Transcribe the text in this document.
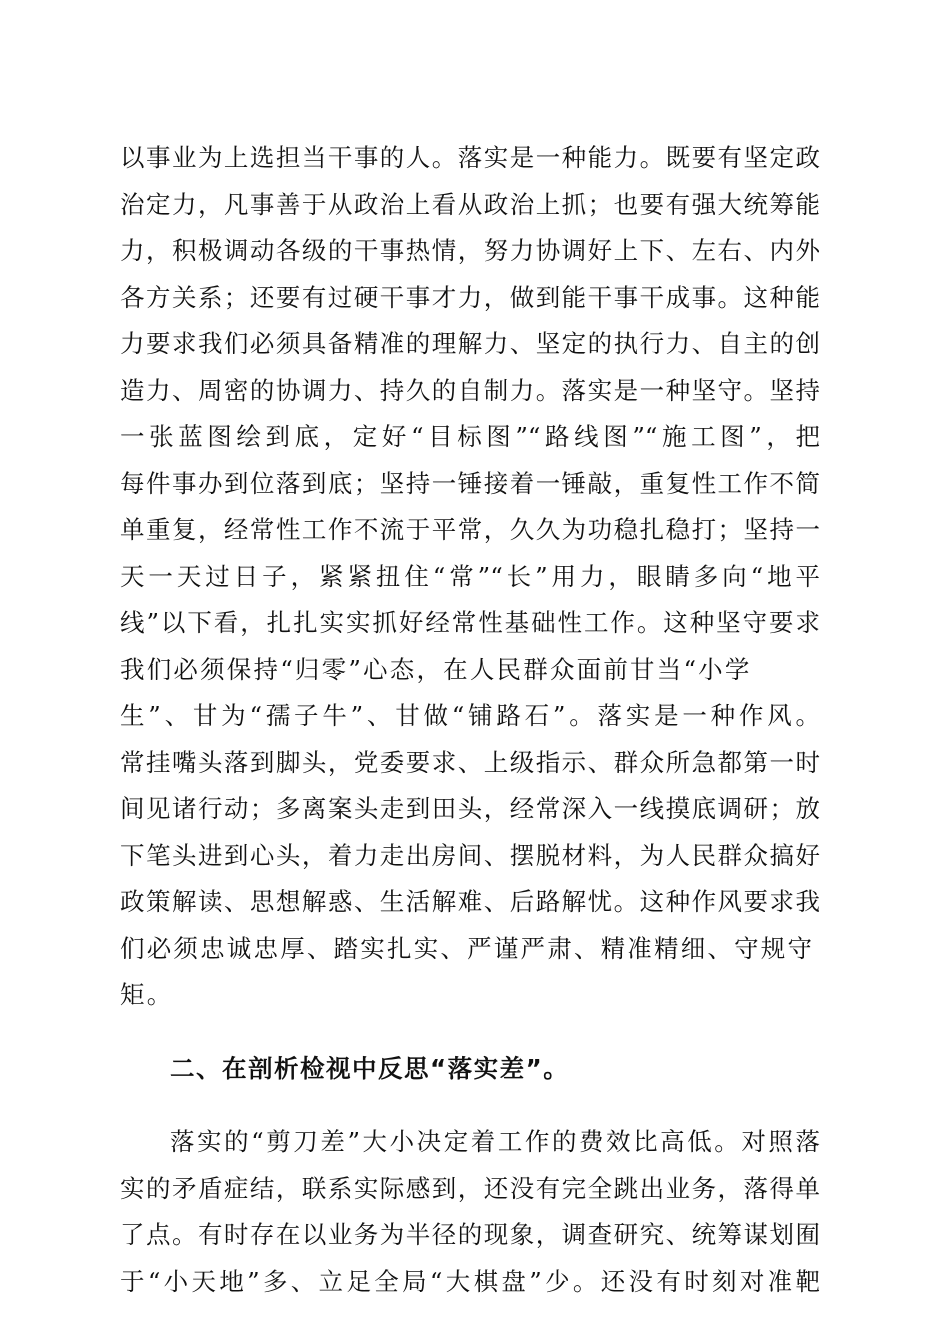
以事业为上选担当干事的人。落实是一种能力。既要有坚定政
治定力，凡事善于从政治上看从政治上抓；也要有强大统筹能
力，积极调动各级的干事热情，努力协调好上下、左右、内外
各方关系；还要有过硬干事才力，做到能干事干成事。这种能
力要求我们必须具备精准的理解力、坚定的执行力、自主的创
造力、周密的协调力、持久的自制力。落实是一种坚守。坚持
一张蓝图绘到底，定好“目标图”“路线图”“施工图”，把
每件事办到位落到底；坚持一锤接着一锤敲，重复性工作不简
单重复，经常性工作不流于平常，久久为功稳扎稳打；坚持一
天一天过日子，紧紧扭住“常”“长”用力，眼睛多向“地平
线”以下看，扎扎实实抓好经常性基础性工作。这种坚守要求
我们必须保持“归零”心态，在人民群众面前甘当“小学
生”、甘为“孺子牛”、甘做“铺路石”。落实是一种作风。
常挂嘴头落到脚头，党委要求、上级指示、群众所急都第一时
间见诸行动；多离案头走到田头，经常深入一线摸底调研；放
下笔头进到心头，着力走出房间、摆脱材料，为人民群众搞好
政策解读、思想解惑、生活解难、后路解忧。这种作风要求我
们必须忠诚忠厚、踏实扎实、严谨严肃、精准精细、守规守
矩。
二、在剖析检视中反思“落实差”。
落实的“剪刀差”大小决定着工作的费效比高低。对照落
实的矛盾症结，联系实际感到，还没有完全跳出业务，落得单
了点。有时存在以业务为半径的现象，调查研究、统筹谋划囿
于“小天地”多、立足全局“大棋盘”少。还没有时刻对准靶
